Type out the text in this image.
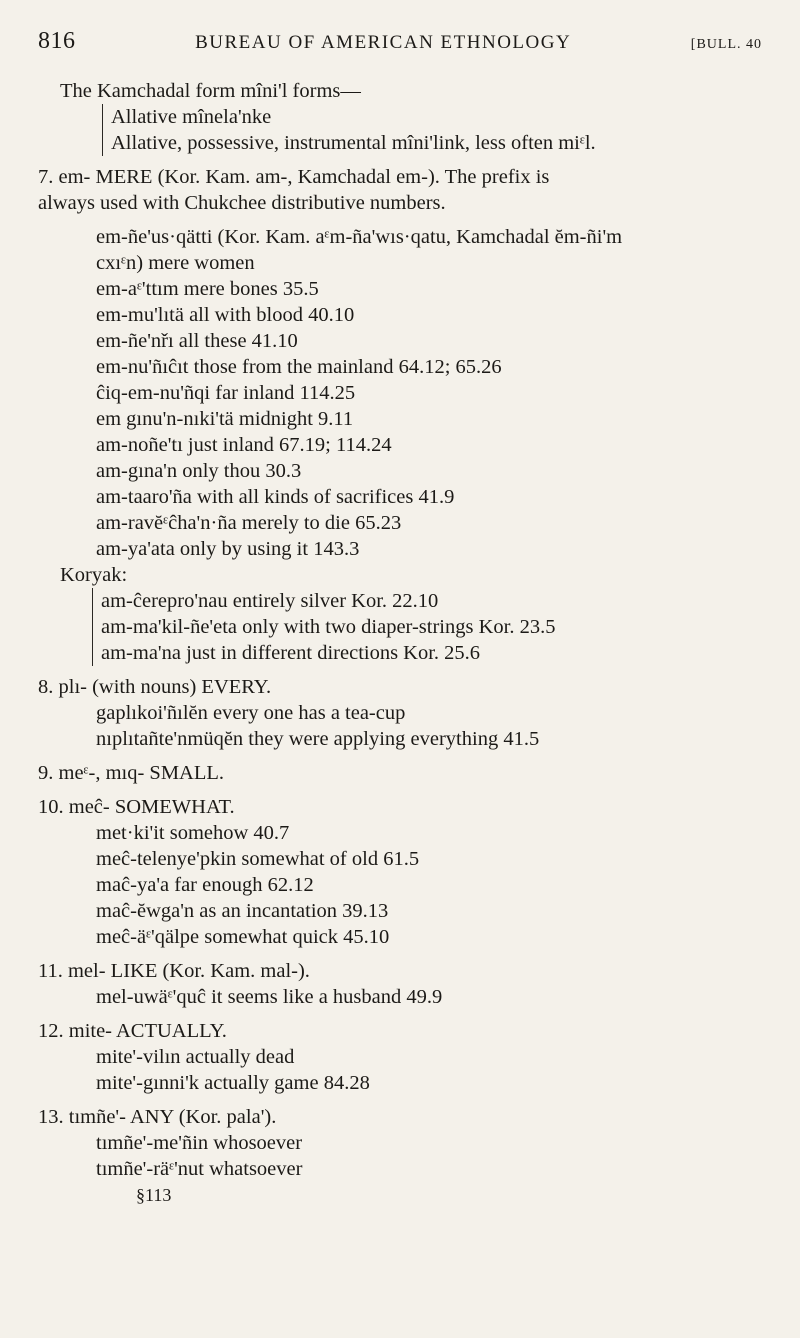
816	BUREAU OF AMERICAN ETHNOLOGY	[BULL. 40
The Kamchadal form mîni'l forms—
Allative mînela'nke
Allative, possessive, instrumental mîni'link, less often miᵋl.
7. em- MERE (Kor. Kam. am-, Kamchadal em-). The prefix is
always used with Chukchee distributive numbers.
em-ñe'us·qätti (Kor. Kam. aᵋm-ña'wıs·qatu, Kamchadal ĕm-ñi'm
cxıᵋn) mere women
em-aᵋ'ttım mere bones 35.5
em-mu'lıtä all with blood 40.10
em-ñe'nřı all these 41.10
em-nu'ñıĉıt those from the mainland 64.12; 65.26
ĉiq-em-nu'ñqi far inland 114.25
em gınu'n-nıki'tä midnight 9.11
am-noñe'tı just inland 67.19; 114.24
am-gına'n only thou 30.3
am-taaro'ña with all kinds of sacrifices 41.9
am-ravĕᵋĉha'n·ña merely to die 65.23
am-ya'ata only by using it 143.3
Koryak:
am-ĉerepro'nau entirely silver Kor. 22.10
am-ma'kil-ñe'eta only with two diaper-strings Kor. 23.5
am-ma'na just in different directions Kor. 25.6
8. plı- (with nouns) EVERY.
gaplıkoi'ñılĕn every one has a tea-cup
nıplıtañte'nmüqĕn they were applying everything 41.5
9. meᵋ-, mıq- SMALL.
10. meĉ- SOMEWHAT.
met·ki'it somehow 40.7
meĉ-telenye'pkin somewhat of old 61.5
maĉ-ya'a far enough 62.12
maĉ-ĕwga'n as an incantation 39.13
meĉ-äᵋ'qälpe somewhat quick 45.10
11. mel- LIKE (Kor. Kam. mal-).
mel-uwäᵋ'quĉ it seems like a husband 49.9
12. mite- ACTUALLY.
mite'-vilın actually dead
mite'-gınni'k actually game 84.28
13. tımñe'- ANY (Kor. pala').
tımñe'-me'ñin whosoever
tımñe'-räᵋ'nut whatsoever
§113
